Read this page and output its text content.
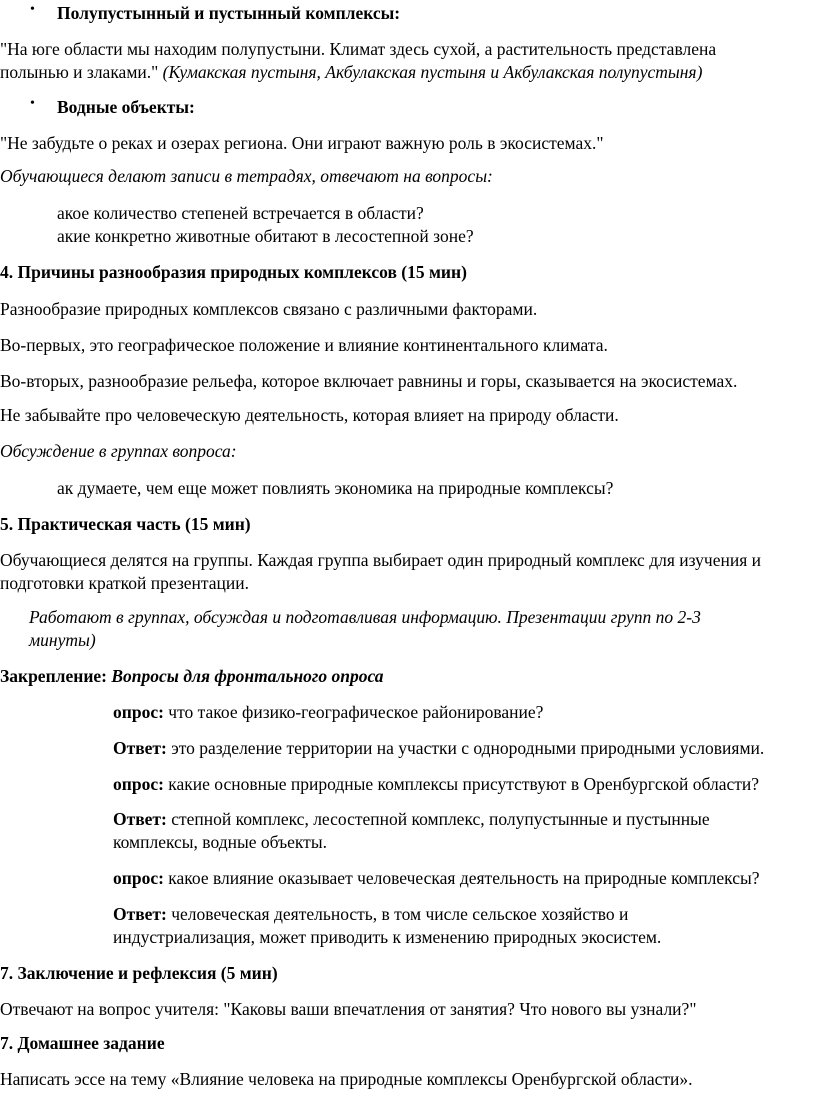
• Полупустынный и пустынный комплексы:
"На юге области мы находим полупустыни. Климат здесь сухой, а растительность представлена
полынью и злаками." (Кумакская пустыня, Акбулакская пустыня и Акбулакская полупустыня)
• Водные объекты:
"Не забудьте о реках и озерах региона. Они играют важную роль в экосистемах."
Обучающиеся делают записи в тетрадях, отвечают на вопросы:
акое количество степеней встречается в области?
акие конкретно животные обитают в лесостепной зоне?
4. Причины разнообразия природных комплексов (15 мин)
Разнообразие природных комплексов связано с различными факторами.
Во-первых, это географическое положение и влияние континентального климата.
Во-вторых, разнообразие рельефа, которое включает равнины и горы, сказывается на экосистемах.
Не забывайте про человеческую деятельность, которая влияет на природу области.
Обсуждение в группах вопроса:
ак думаете, чем еще может повлиять экономика на природные комплексы?
5. Практическая часть (15 мин)
Обучающиеся делятся на группы. Каждая группа выбирает один природный комплекс для изучения и
подготовки краткой презентации.
Работают в группах, обсуждая и подготавливая информацию. Презентации групп по 2-3
минуты)
Закрепление: Вопросы для фронтального опроса
опрос: что такое физико-географическое районирование?
Ответ: это разделение территории на участки с однородными природными условиями.
опрос: какие основные природные комплексы присутствуют в Оренбургской области?
Ответ: степной комплекс, лесостепной комплекс, полупустынные и пустынные
комплексы, водные объекты.
опрос: какое влияние оказывает человеческая деятельность на природные комплексы?
Ответ: человеческая деятельность, в том числе сельское хозяйство и
индустриализация, может приводить к изменению природных экосистем.
7. Заключение и рефлексия (5 мин)
Отвечают на вопрос учителя: "Каковы ваши впечатления от занятия? Что нового вы узнали?"
7. Домашнее задание
Написать эссе на тему «Влияние человека на природные комплексы Оренбургской области».
